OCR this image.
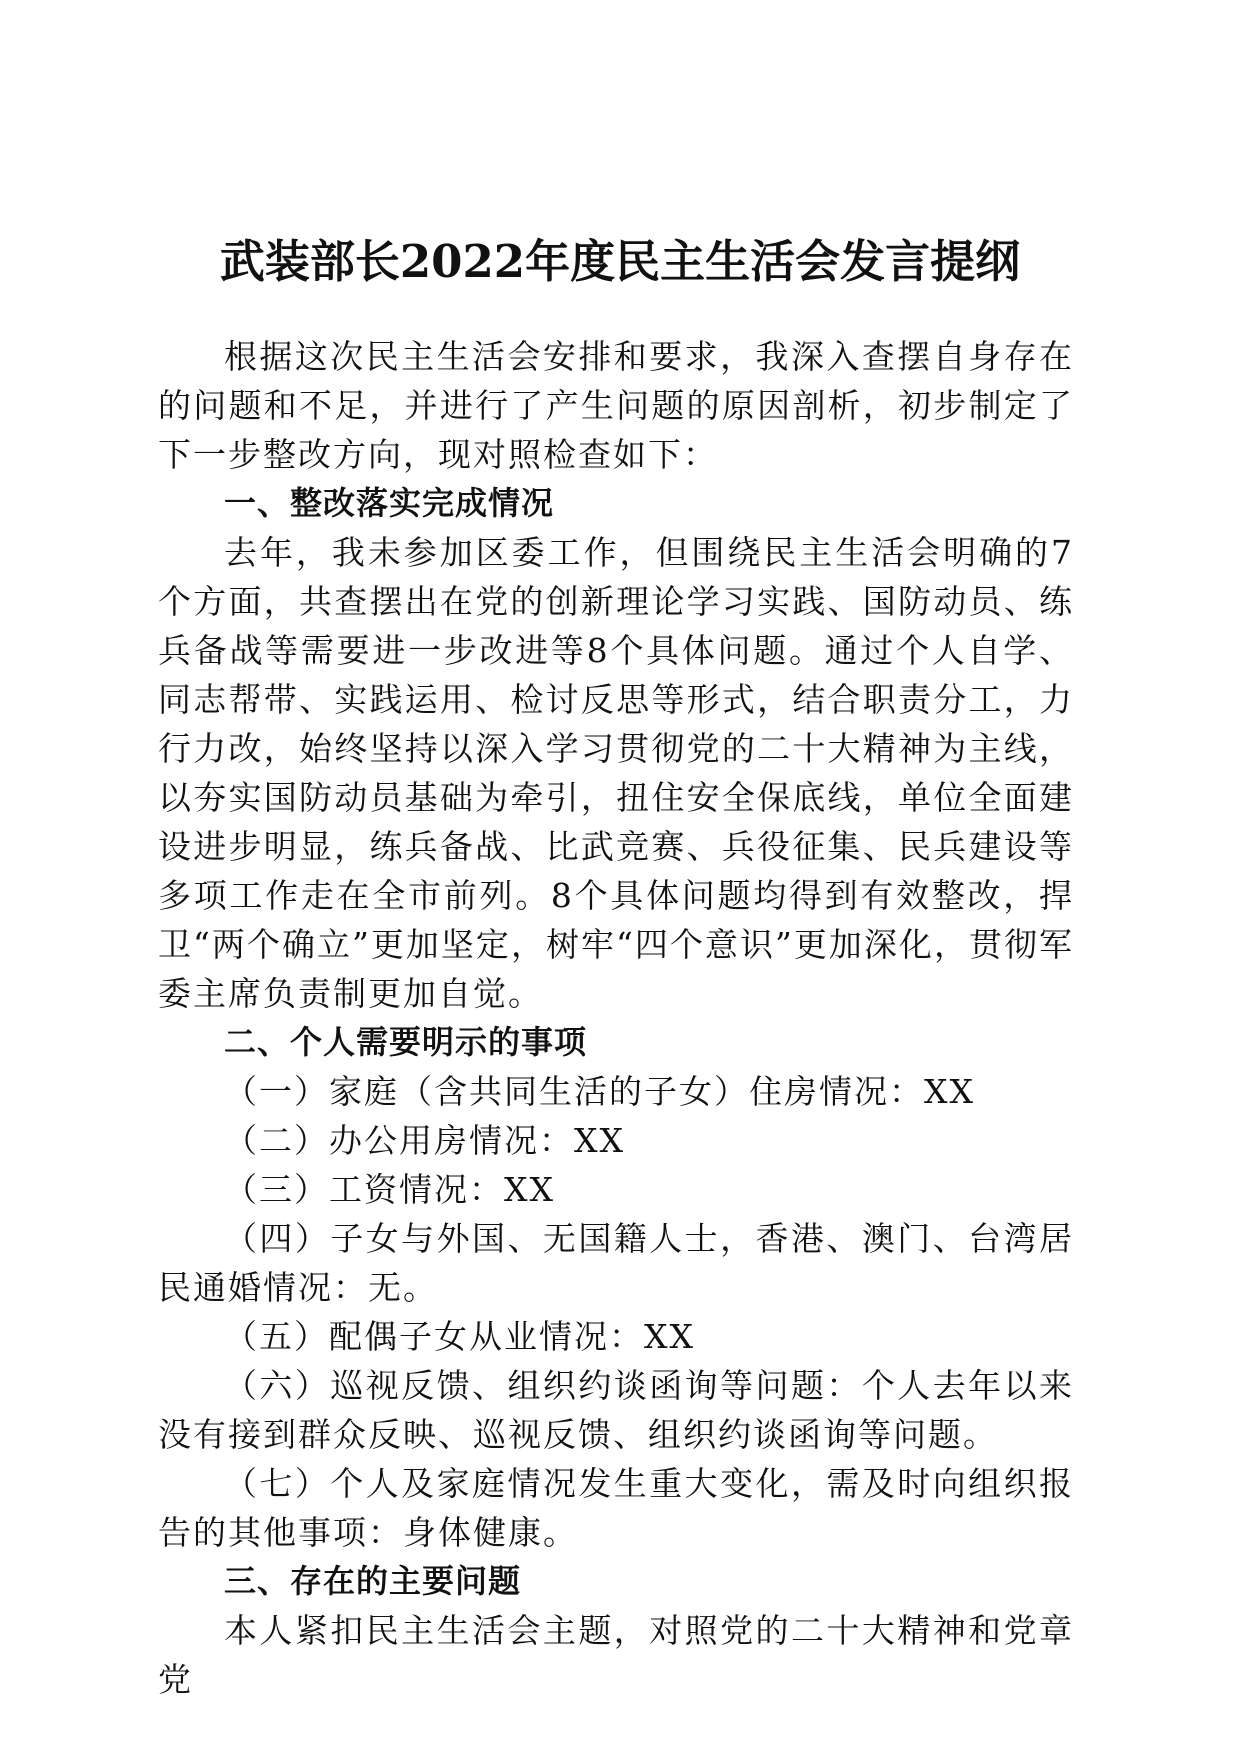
武装部长2022年度民主生活会发言提纲

根据这次民主生活会安排和要求，我深入查摆自身存在的问题和不足，并进行了产生问题的原因剖析，初步制定了下一步整改方向，现对照检查如下：

一、整改落实完成情况

去年，我未参加区委工作，但围绕民主生活会明确的7个方面，共查摆出在党的创新理论学习实践、国防动员、练兵备战等需要进一步改进等8个具体问题。通过个人自学、同志帮带、实践运用、检讨反思等形式，结合职责分工，力行力改，始终坚持以深入学习贯彻党的二十大精神为主线，以夯实国防动员基础为牵引，扭住安全保底线，单位全面建设进步明显，练兵备战、比武竞赛、兵役征集、民兵建设等多项工作走在全市前列。8个具体问题均得到有效整改，捍卫“两个确立”更加坚定，树牢“四个意识”更加深化，贯彻军委主席负责制更加自觉。

二、个人需要明示的事项

（一）家庭（含共同生活的子女）住房情况：XX

（二）办公用房情况：XX

（三）工资情况：XX

（四）子女与外国、无国籍人士，香港、澳门、台湾居民通婚情况：无。

（五）配偶子女从业情况：XX

（六）巡视反馈、组织约谈函询等问题：个人去年以来没有接到群众反映、巡视反馈、组织约谈函询等问题。

（七）个人及家庭情况发生重大变化，需及时向组织报告的其他事项：身体健康。

三、存在的主要问题

本人紧扣民主生活会主题，对照党的二十大精神和党章党
